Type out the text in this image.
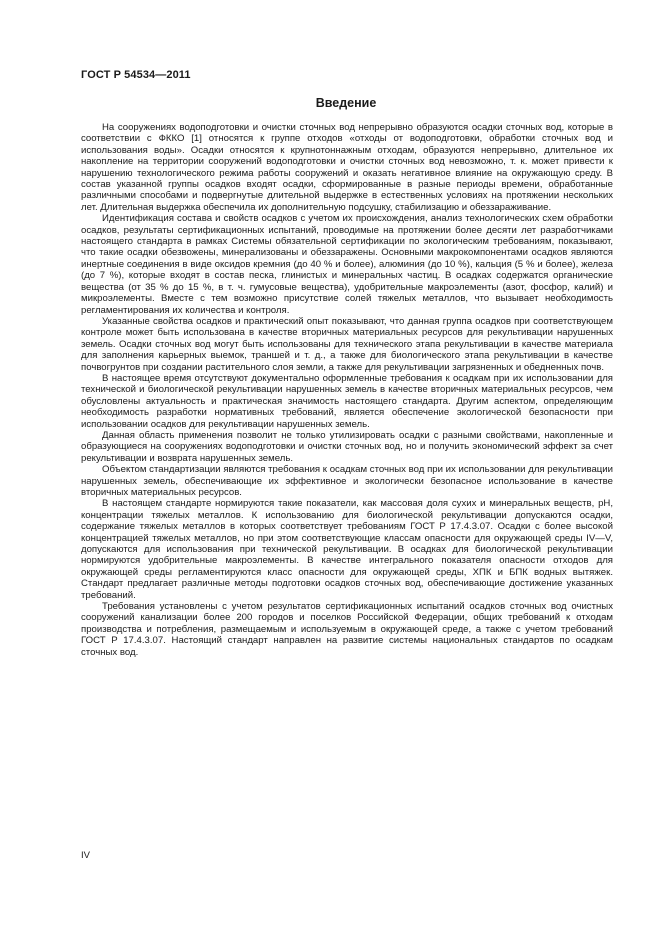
ГОСТ Р 54534—2011
Введение

На сооружениях водоподготовки и очистки сточных вод непрерывно образуются осадки сточных вод, которые в соответствии с ФККО [1] относятся к группе отходов «отходы от водоподготовки, обработки сточных вод и использования воды». Осадки относятся к крупнотоннажным отходам, образуются непрерывно, длительное их накопление на территории сооружений водоподготовки и очистки сточных вод невозможно, т. к. может привести к нарушению технологического режима работы сооружений и оказать негативное влияние на окружающую среду. В состав указанной группы осадков входят осадки, сформированные в разные периоды времени, обработанные различными способами и подвергнутые длительной выдержке в естественных условиях на протяжении нескольких лет. Длительная выдержка обеспечила их дополнительную подсушку, стабилизацию и обеззараживание.

Идентификация состава и свойств осадков с учетом их происхождения, анализ технологических схем обработки осадков, результаты сертификационных испытаний, проводимые на протяжении более десяти лет разработчиками настоящего стандарта в рамках Системы обязательной сертификации по экологическим требованиям, показывают, что такие осадки обезвожены, минерализованы и обеззаражены. Основными макрокомпонентами осадков являются инертные соединения в виде оксидов кремния (до 40 % и более), алюминия (до 10 %), кальция (5 % и более), железа (до 7 %), которые входят в состав песка, глинистых и минеральных частиц. В осадках содержатся органические вещества (от 35 % до 15 %, в т. ч. гумусовые вещества), удобрительные макроэлементы (азот, фосфор, калий) и микроэлементы. Вместе с тем возможно присутствие солей тяжелых металлов, что вызывает необходимость регламентирования их количества и контроля.

Указанные свойства осадков и практический опыт показывают, что данная группа осадков при соответствующем контроле может быть использована в качестве вторичных материальных ресурсов для рекультивации нарушенных земель. Осадки сточных вод могут быть использованы для технического этапа рекультивации в качестве материала для заполнения карьерных выемок, траншей и т. д., а также для биологического этапа рекультивации в качестве почвогрунтов при создании растительного слоя земли, а также для рекультивации загрязненных и обедненных почв.

В настоящее время отсутствуют документально оформленные требования к осадкам при их использовании для технической и биологической рекультивации нарушенных земель в качестве вторичных материальных ресурсов, чем обусловлены актуальность и практическая значимость настоящего стандарта. Другим аспектом, определяющим необходимость разработки нормативных требований, является обеспечение экологической безопасности при использовании осадков для рекультивации нарушенных земель.

Данная область применения позволит не только утилизировать осадки с разными свойствами, накопленные и образующиеся на сооружениях водоподготовки и очистки сточных вод, но и получить экономический эффект за счет рекультивации и возврата нарушенных земель.

Объектом стандартизации являются требования к осадкам сточных вод при их использовании для рекультивации нарушенных земель, обеспечивающие их эффективное и экологически безопасное использование в качестве вторичных материальных ресурсов.

В настоящем стандарте нормируются такие показатели, как массовая доля сухих и минеральных веществ, pH, концентрации тяжелых металлов. К использованию для биологической рекультивации допускаются осадки, содержание тяжелых металлов в которых соответствует требованиям ГОСТ Р 17.4.3.07. Осадки с более высокой концентрацией тяжелых металлов, но при этом соответствующие классам опасности для окружающей среды IV—V, допускаются для использования при технической рекультивации. В осадках для биологической рекультивации нормируются удобрительные макроэлементы. В качестве интегрального показателя опасности отходов для окружающей среды регламентируются класс опасности для окружающей среды, ХПК и БПК водных вытяжек. Стандарт предлагает различные методы подготовки осадков сточных вод, обеспечивающие достижение указанных требований.

Требования установлены с учетом результатов сертификационных испытаний осадков сточных вод очистных сооружений канализации более 200 городов и поселков Российской Федерации, общих требований к отходам производства и потребления, размещаемым и используемым в окружающей среде, а также с учетом требований ГОСТ Р 17.4.3.07. Настоящий стандарт направлен на развитие системы национальных стандартов по осадкам сточных вод.

IV
